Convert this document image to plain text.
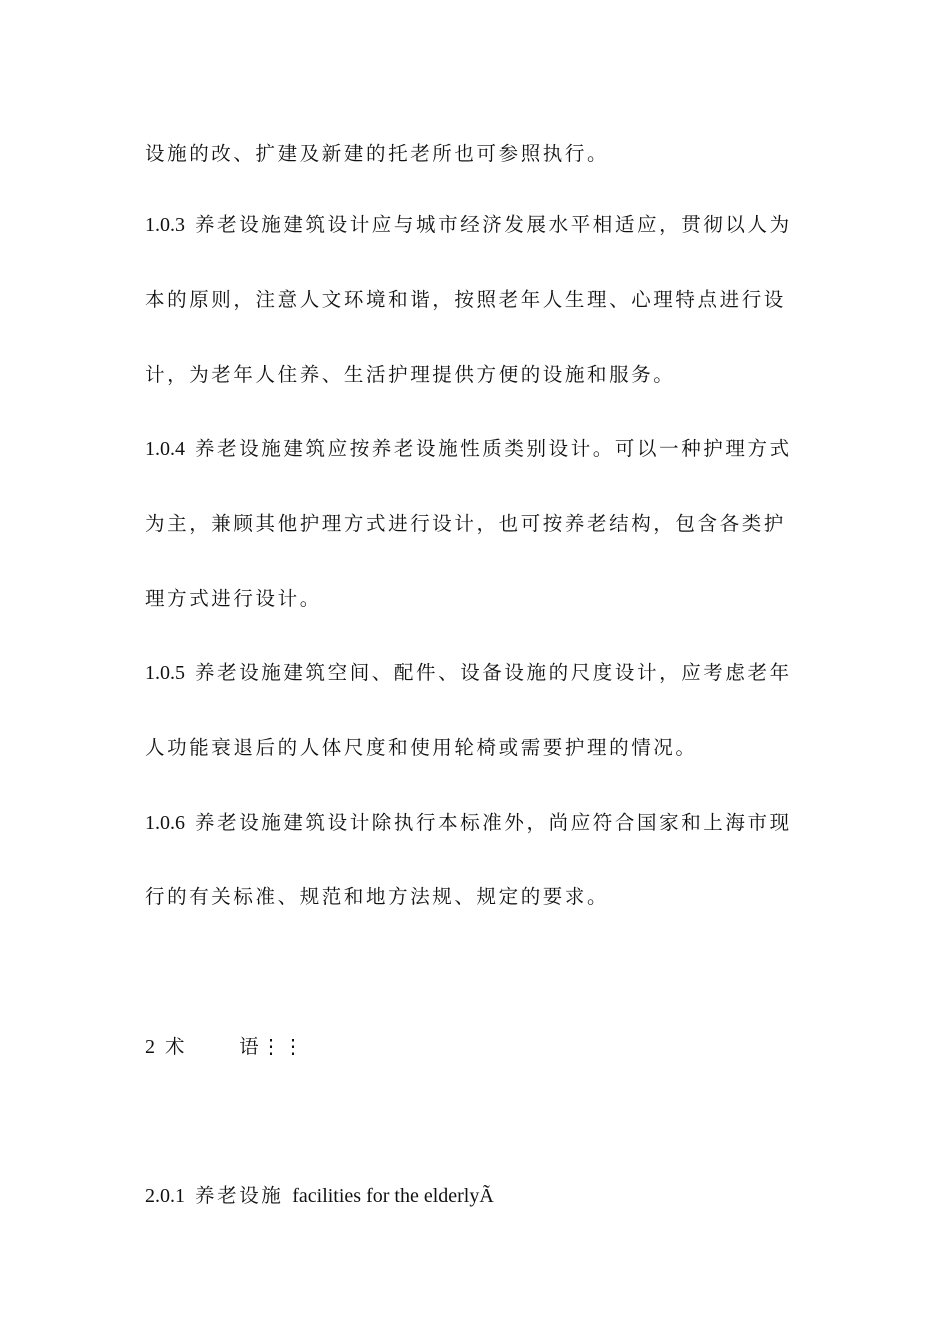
设施的改、扩建及新建的托老所也可参照执行。
1.0.3 养老设施建筑设计应与城市经济发展水平相适应，贯彻以人为
本的原则，注意人文环境和谐，按照老年人生理、心理特点进行设
计，为老年人住养、生活护理提供方便的设施和服务。
1.0.4 养老设施建筑应按养老设施性质类别设计。可以一种护理方式
为主，兼顾其他护理方式进行设计，也可按养老结构，包含各类护
理方式进行设计。
1.0.5 养老设施建筑空间、配件、设备设施的尺度设计，应考虑老年
人功能衰退后的人体尺度和使用轮椅或需要护理的情况。
1.0.6 养老设施建筑设计除执行本标准外，尚应符合国家和上海市现
行的有关标准、规范和地方法规、规定的要求。
2 术	语⋮⋮
2.0.1 养老设施 facilities for the elderlyÃ
